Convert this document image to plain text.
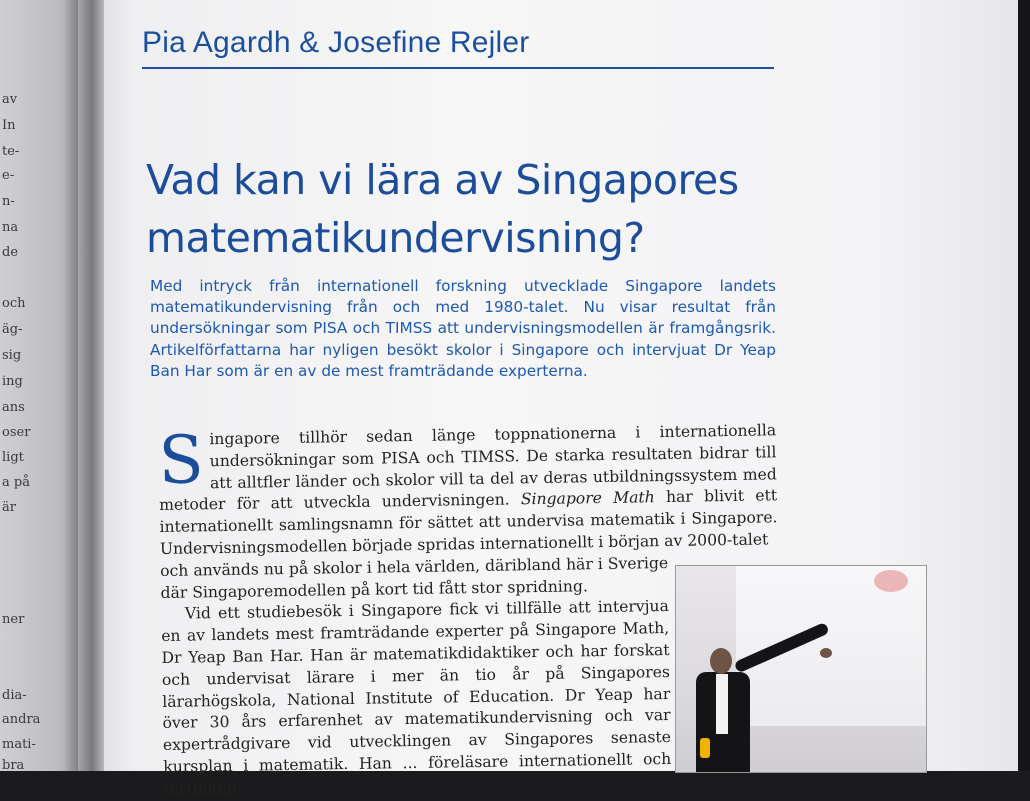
av
In
te-
e-
n-
na
de
och
äg-
sig
ing
ans
oser
ligt
a på
är
ner
dia-
andra
mati-
bra
Pia Agardh & Josefine Rejler
Vad kan vi lära av Singapores
matematikundervisning?
Med intryck från internationell forskning utvecklade Singapore landets matematikundervisning från och med 1980-talet. Nu visar resultat från undersökningar som PISA och TIMSS att undervisningsmodellen är framgångsrik. Artikelförfattarna har nyligen besökt skolor i Singapore och intervjuat Dr Yeap Ban Har som är en av de mest framträdande experterna.

Singapore tillhör sedan länge toppnationerna i internationella undersökningar som PISA och TIMSS. De starka resultaten bidrar till att alltfler länder och skolor vill ta del av deras utbildningssystem med metoder för att utveckla undervisningen. Singapore Math har blivit ett internationellt samlingsnamn för sättet att undervisa matematik i Singapore. Undervisningsmodellen började spridas internationellt i början av 2000-talet

och används nu på skolor i hela världen, däribland här i Sverige där Singaporemodellen på kort tid fått stor spridning.

Vid ett studiebesök i Singapore fick vi tillfälle att intervjua en av landets mest framträdande experter på Singapore Math, Dr Yeap Ban Har. Han är matematikdidaktiker och har forskat och undervisat lärare i mer än tio år på Singapores lärarhögskola, National Institute of Education. Dr Yeap har över 30 års erfarenhet av matematikundervisning och var expertrådgivare vid utvecklingen av Singapores senaste kursplan i matematik. Han ... föreläsare internationellt och fortbildar
